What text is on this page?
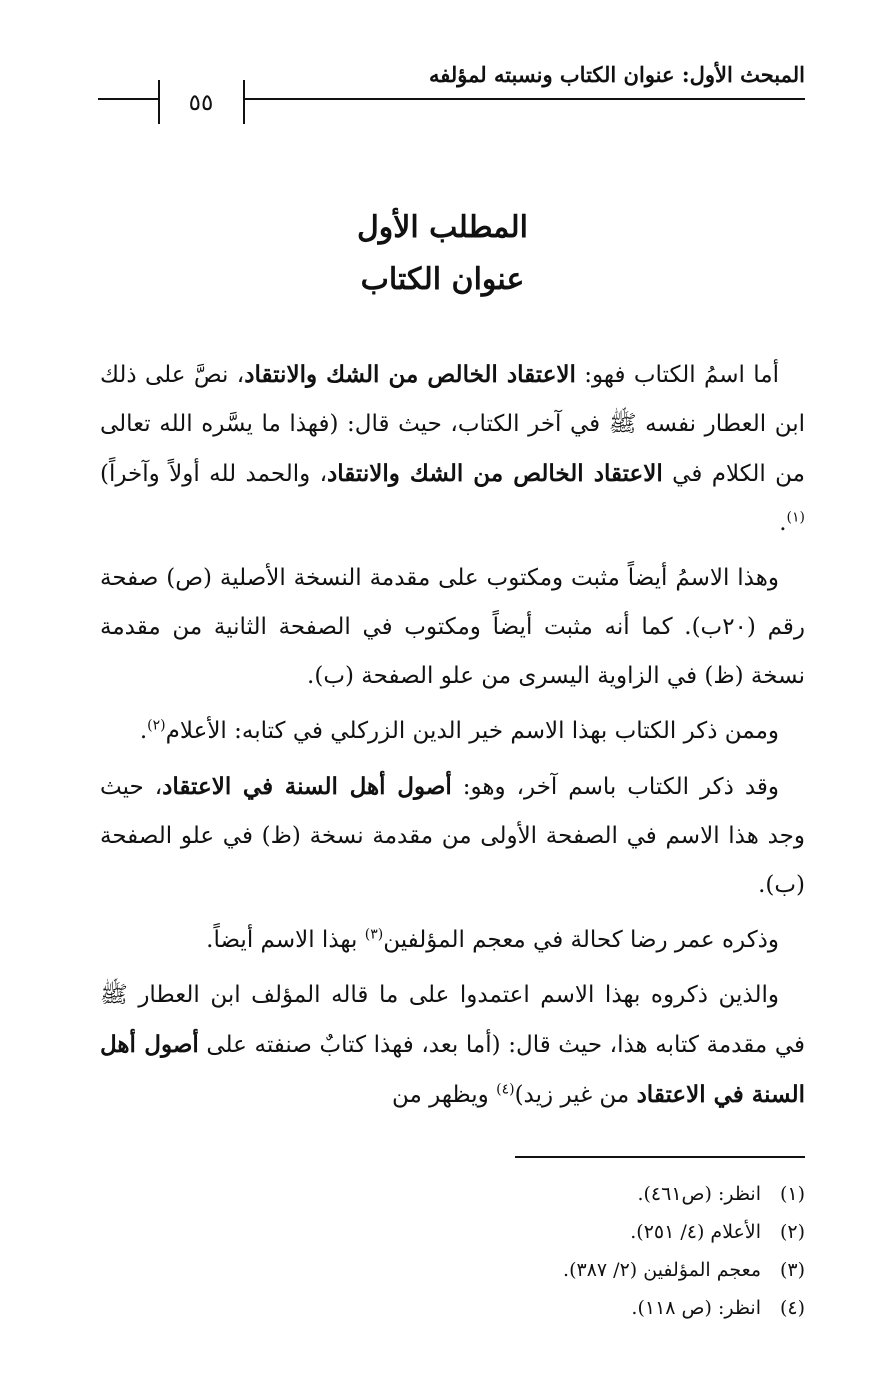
المبحث الأول: عنوان الكتاب ونسبته لمؤلفه
٥٥
المطلب الأول
عنوان الكتاب

أما اسمُ الكتاب فهو: الاعتقاد الخالص من الشك والانتقاد، نصَّ على ذلك ابن العطار نفسه ﷺ في آخر الكتاب، حيث قال: (فهذا ما يسَّره الله تعالى من الكلام في الاعتقاد الخالص من الشك والانتقاد، والحمد لله أولاً وآخراً)$^{(١)}$.

وهذا الاسمُ أيضاً مثبت ومكتوب على مقدمة النسخة الأصلية (ص) صفحة رقم (٢٠ب). كما أنه مثبت أيضاً ومكتوب في الصفحة الثانية من مقدمة نسخة (ظ) في الزاوية اليسرى من علو الصفحة (ب).

وممن ذكر الكتاب بهذا الاسم خير الدين الزركلي في كتابه: الأعلام$^{(٢)}$.

وقد ذكر الكتاب باسم آخر، وهو: أصول أهل السنة في الاعتقاد، حيث وجد هذا الاسم في الصفحة الأولى من مقدمة نسخة (ظ) في علو الصفحة (ب).

وذكره عمر رضا كحالة في معجم المؤلفين$^{(٣)}$ بهذا الاسم أيضاً.

والذين ذكروه بهذا الاسم اعتمدوا على ما قاله المؤلف ابن العطار ﷺ في مقدمة كتابه هذا، حيث قال: (أما بعد، فهذا كتابٌ صنفته على أصول أهل السنة في الاعتقاد من غير زيد)$^{(٤)}$ ويظهر من

(١)انظر: (ص٤٦١).
(٢)الأعلام (٤/ ٢٥١).
(٣)معجم المؤلفين (٢/ ٣٨٧).
(٤)انظر: (ص ١١٨).
